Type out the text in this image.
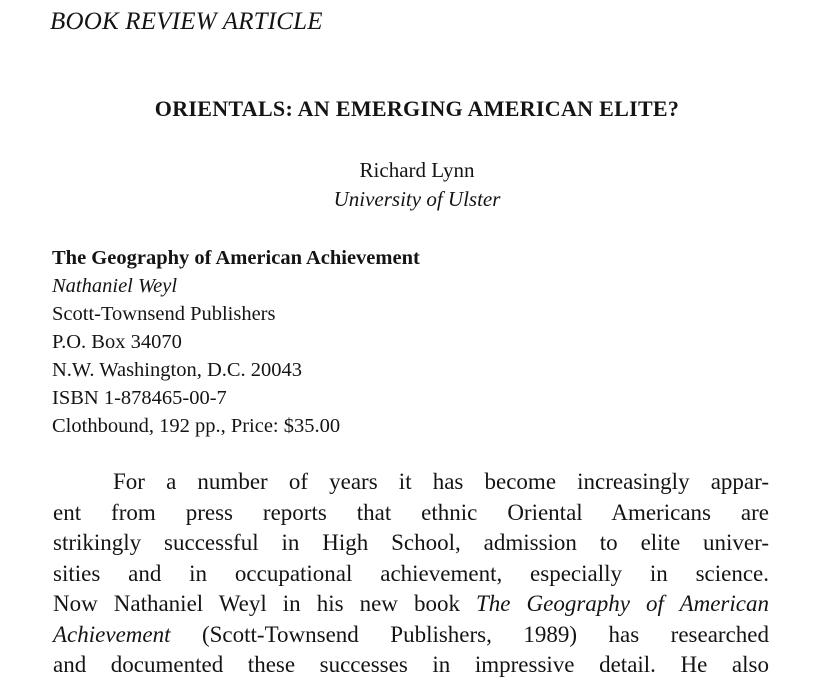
BOOK REVIEW ARTICLE
ORIENTALS: AN EMERGING AMERICAN ELITE?
Richard Lynn
University of Ulster
The Geography of American Achievement
Nathaniel Weyl
Scott-Townsend Publishers
P.O. Box 34070
N.W. Washington, D.C. 20043
ISBN 1-878465-00-7
Clothbound, 192 pp., Price: $35.00
For a number of years it has become increasingly appar-
ent from press reports that ethnic Oriental Americans are
strikingly successful in High School, admission to elite univer-
sities and in occupational achievement, especially in science.
Now Nathaniel Weyl in his new book The Geography of American
Achievement (Scott-Townsend Publishers, 1989) has researched
and documented these successes in impressive detail. He also
